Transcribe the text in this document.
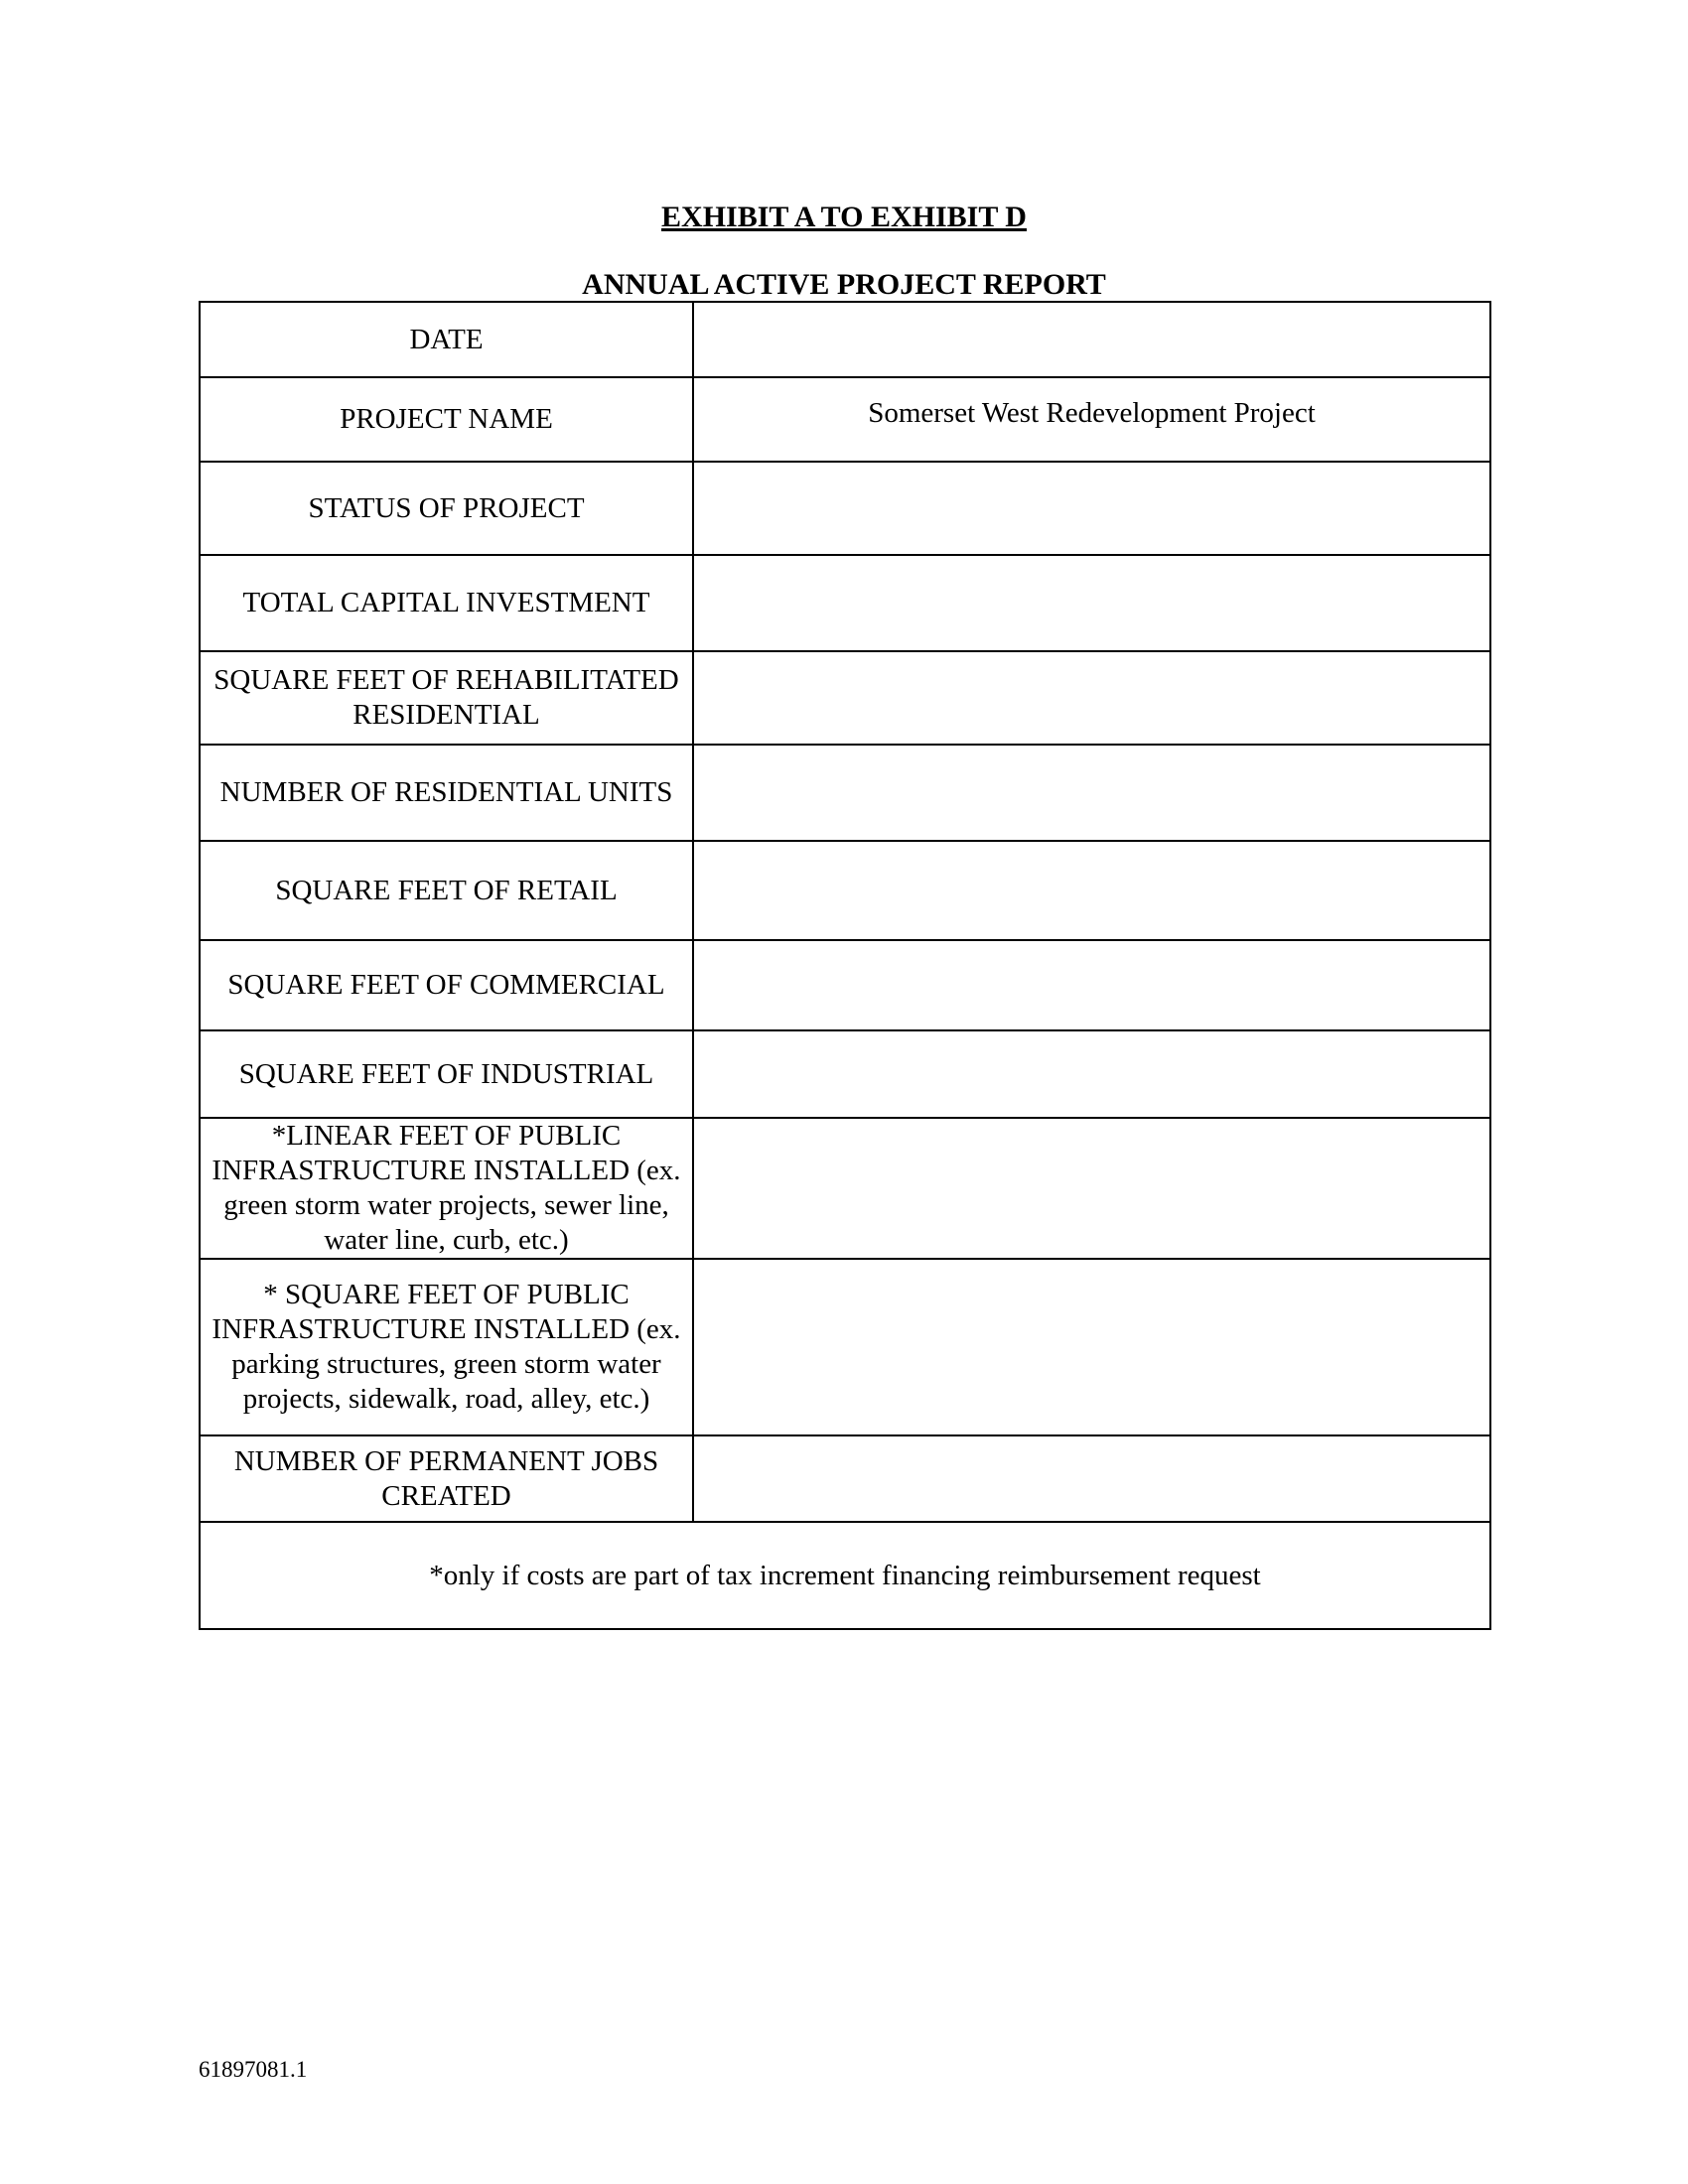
EXHIBIT A TO EXHIBIT D
ANNUAL ACTIVE PROJECT REPORT
DATE	
PROJECT NAME	Somerset West Redevelopment Project

STATUS OF PROJECT	
TOTAL CAPITAL INVESTMENT	
SQUARE FEET OF REHABILITATED RESIDENTIAL	
NUMBER OF RESIDENTIAL UNITS	
SQUARE FEET OF RETAIL	
SQUARE FEET OF COMMERCIAL	
SQUARE FEET OF INDUSTRIAL	
*LINEAR FEET OF PUBLIC INFRASTRUCTURE INSTALLED (ex. green storm water projects, sewer line, water line, curb, etc.)	
* SQUARE FEET OF PUBLIC INFRASTRUCTURE INSTALLED (ex. parking structures, green storm water projects, sidewalk, road, alley, etc.)	
NUMBER OF PERMANENT JOBS CREATED	
*only if costs are part of tax increment financing reimbursement request	
61897081.1
